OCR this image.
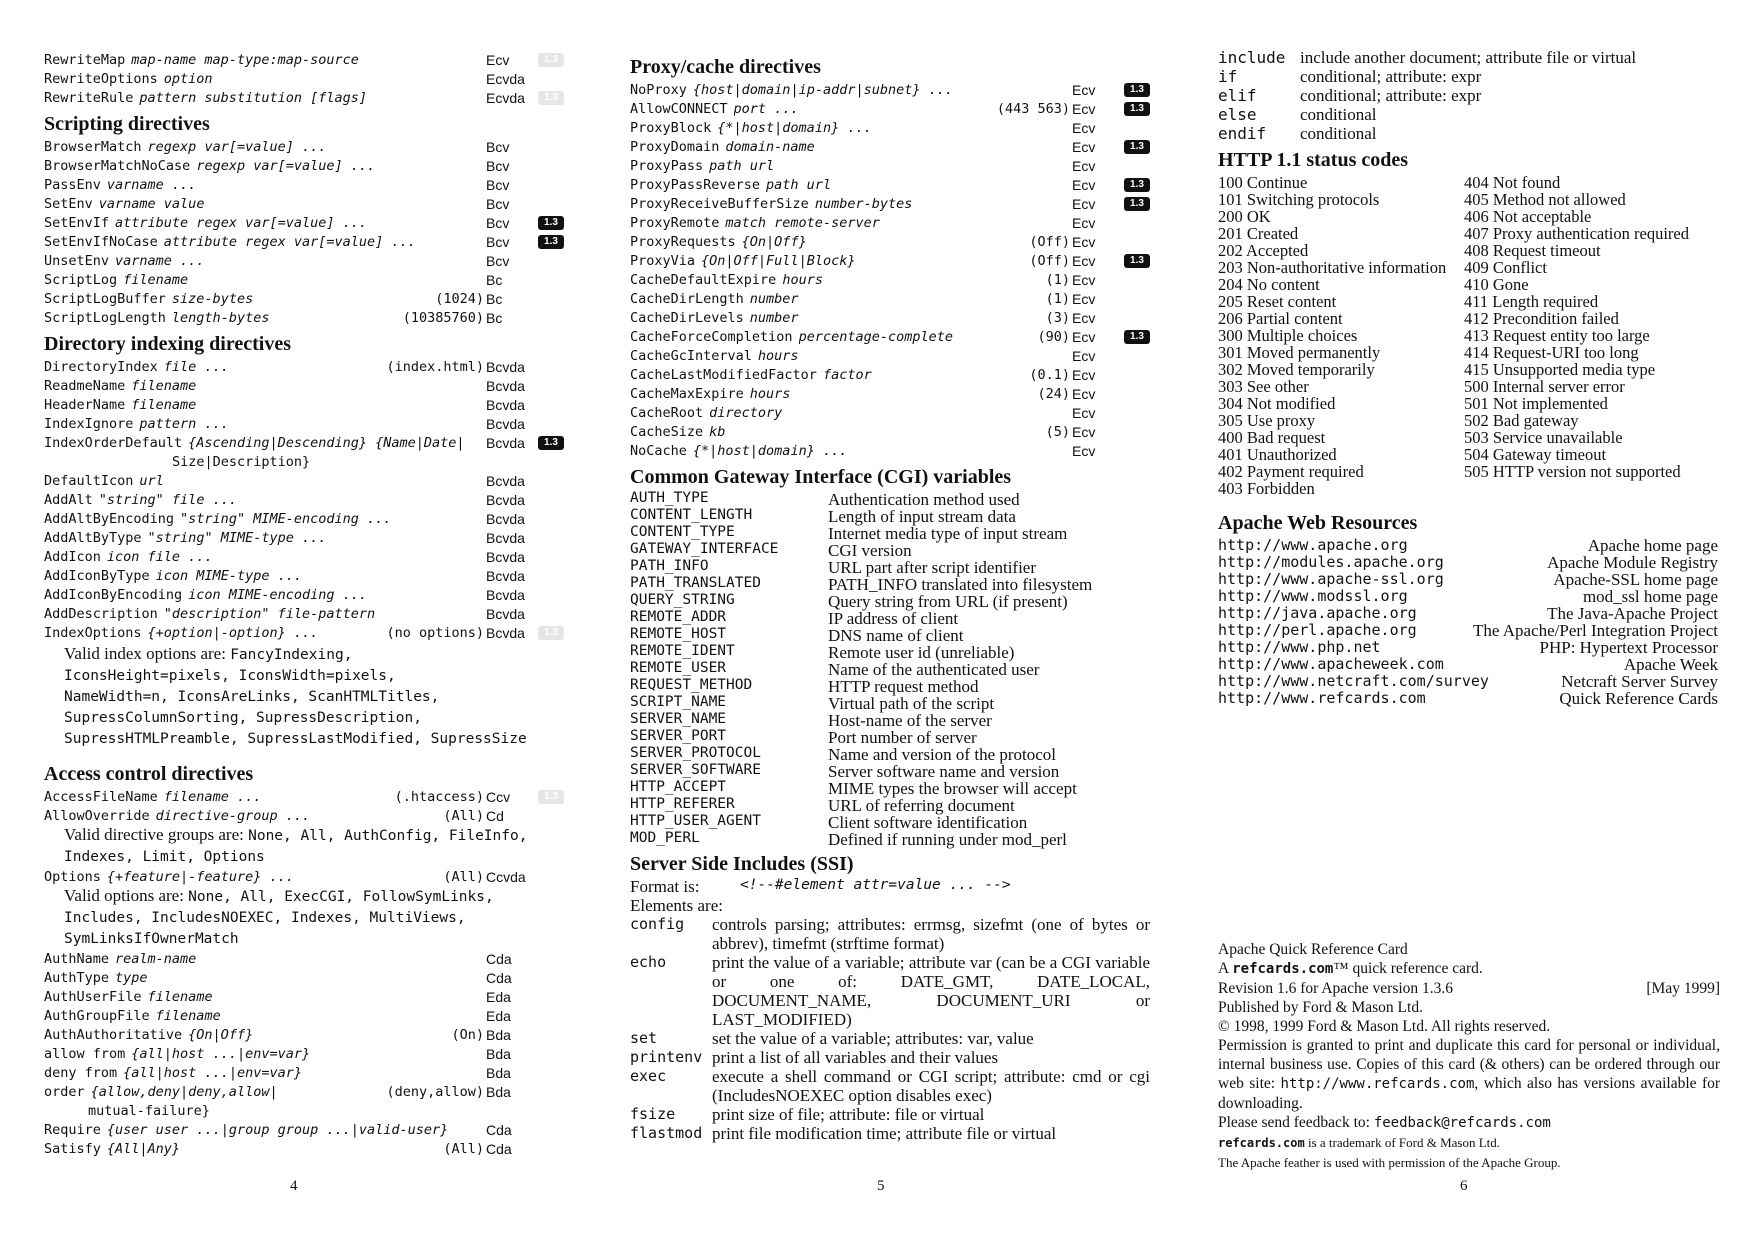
RewriteMap map-name map-type:map-source	Ecv	1.3
RewriteOptions option	Ecvda
RewriteRule pattern substitution [flags]	Ecvda	1.3
Scripting directives
BrowserMatch regexp var[=value] ...	Bcv
BrowserMatchNoCase regexp var[=value] ...	Bcv
PassEnv varname ...	Bcv
SetEnv varname value	Bcv
SetEnvIf attribute regex var[=value] ...	Bcv	1.3
SetEnvIfNoCase attribute regex var[=value] ...	Bcv	1.3
UnsetEnv varname ...	Bcv
ScriptLog filename	Bc
ScriptLogBuffer size-bytes	(1024) Bc
ScriptLogLength length-bytes	(10385760) Bc
Directory indexing directives
DirectoryIndex file ...	(index.html) Bcvda
ReadmeName filename	Bcvda
HeaderName filename	Bcvda
IndexIgnore pattern ...	Bcvda
IndexOrderDefault {Ascending|Descending} {Name|Date| Bcvda	1.3
Size|Description}
DefaultIcon url	Bcvda
AddAlt "string" file ...	Bcvda
AddAltByEncoding "string" MIME-encoding ...	Bcvda
AddAltByType "string" MIME-type ...	Bcvda
AddIcon icon file ...	Bcvda
AddIconByType icon MIME-type ...	Bcvda
AddIconByEncoding icon MIME-encoding ...	Bcvda
AddDescription "description" file-pattern	Bcvda
IndexOptions {+option|-option} ...	(no options) Bcvda	1.3
Valid index options are: FancyIndexing,
IconsHeight=pixels, IconsWidth=pixels,
NameWidth=n, IconsAreLinks, ScanHTMLTitles,
SupressColumnSorting, SupressDescription,
SupressHTMLPreamble, SupressLastModified, SupressSize
Access control directives
AccessFileName filename ...	(.htaccess) Ccv	1.3
AllowOverride directive-group ...	(All) Cd
Valid directive groups are: None, All, AuthConfig, FileInfo,
Indexes, Limit, Options
Options {+feature|-feature} ...	(All) Ccvda
Valid options are: None, All, ExecCGI, FollowSymLinks,
Includes, IncludesNOEXEC, Indexes, MultiViews,
SymLinksIfOwnerMatch
AuthName realm-name	Cda
AuthType type	Cda
AuthUserFile filename	Eda
AuthGroupFile filename	Eda
AuthAuthoritative {On|Off}	(On) Bda
allow from {all|host ...|env=var}	Bda
deny from {all|host ...|env=var}	Bda
order {allow,deny|deny,allow|	(deny,allow) Bda
mutual-failure}
Require {user user ...|group group ...|valid-user}	Cda
Satisfy {All|Any}	(All) Cda
4
Proxy/cache directives
NoProxy {host|domain|ip-addr|subnet} ...	Ecv	1.3
AllowCONNECT port ...	(443 563) Ecv	1.3
ProxyBlock {*|host|domain} ...	Ecv
ProxyDomain domain-name	Ecv	1.3
ProxyPass path url	Ecv
ProxyPassReverse path url	Ecv	1.3
ProxyReceiveBufferSize number-bytes	Ecv	1.3
ProxyRemote match remote-server	Ecv
ProxyRequests {On|Off}	(Off) Ecv
ProxyVia {On|Off|Full|Block}	(Off) Ecv	1.3
CacheDefaultExpire hours	(1) Ecv
CacheDirLength number	(1) Ecv
CacheDirLevels number	(3) Ecv
CacheForceCompletion percentage-complete	(90) Ecv	1.3
CacheGcInterval hours	Ecv
CacheLastModifiedFactor factor	(0.1) Ecv
CacheMaxExpire hours	(24) Ecv
CacheRoot directory	Ecv
CacheSize kb	(5) Ecv
NoCache {*|host|domain} ...	Ecv
Common Gateway Interface (CGI) variables
AUTH_TYPE	Authentication method used
CONTENT_LENGTH	Length of input stream data
CONTENT_TYPE	Internet media type of input stream
GATEWAY_INTERFACE	CGI version
PATH_INFO	URL part after script identifier
PATH_TRANSLATED	PATH_INFO translated into filesystem
QUERY_STRING	Query string from URL (if present)
REMOTE_ADDR	IP address of client
REMOTE_HOST	DNS name of client
REMOTE_IDENT	Remote user id (unreliable)
REMOTE_USER	Name of the authenticated user
REQUEST_METHOD	HTTP request method
SCRIPT_NAME	Virtual path of the script
SERVER_NAME	Host-name of the server
SERVER_PORT	Port number of server
SERVER_PROTOCOL	Name and version of the protocol
SERVER_SOFTWARE	Server software name and version
HTTP_ACCEPT	MIME types the browser will accept
HTTP_REFERER	URL of referring document
HTTP_USER_AGENT	Client software identification
MOD_PERL	Defined if running under mod_perl
Server Side Includes (SSI)
Format is:	<!--#element attr=value ... -->
Elements are:
config	controls parsing; attributes: errmsg, sizefmt (one of bytes or abbrev), timefmt (strftime format)
echo	print the value of a variable; attribute var (can be a CGI variable or one of: DATE_GMT, DATE_LOCAL, DOCUMENT_NAME, DOCUMENT_URI or LAST_MODIFIED)
set	set the value of a variable; attributes: var, value
printenv print a list of all variables and their values
exec	execute a shell command or CGI script; attribute: cmd or cgi (IncludesNOEXEC option disables exec)
fsize	print size of file; attribute: file or virtual
flastmod print file modification time; attribute file or virtual
5
include include another document; attribute file or virtual
if	conditional; attribute: expr
elif	conditional; attribute: expr
else	conditional
endif	conditional
HTTP 1.1 status codes
100 Continue
101 Switching protocols
200 OK
201 Created
202 Accepted
203 Non-authoritative information
204 No content
205 Reset content
206 Partial content
300 Multiple choices
301 Moved permanently
302 Moved temporarily
303 See other
304 Not modified
305 Use proxy
400 Bad request
401 Unauthorized
402 Payment required
403 Forbidden
404 Not found
405 Method not allowed
406 Not acceptable
407 Proxy authentication required
408 Request timeout
409 Conflict
410 Gone
411 Length required
412 Precondition failed
413 Request entity too large
414 Request-URI too long
415 Unsupported media type
500 Internal server error
501 Not implemented
502 Bad gateway
503 Service unavailable
504 Gateway timeout
505 HTTP version not supported
Apache Web Resources
http://www.apache.org	Apache home page
http://modules.apache.org	Apache Module Registry
http://www.apache-ssl.org	Apache-SSL home page
http://www.modssl.org	mod_ssl home page
http://java.apache.org	The Java-Apache Project
http://perl.apache.org	The Apache/Perl Integration Project
http://www.php.net	PHP: Hypertext Processor
http://www.apacheweek.com	Apache Week
http://www.netcraft.com/survey	Netcraft Server Survey
http://www.refcards.com	Quick Reference Cards
Apache Quick Reference Card
A refcards.com™ quick reference card.
Revision 1.6 for Apache version 1.3.6	[May 1999]
Published by Ford & Mason Ltd.
© 1998, 1999 Ford & Mason Ltd. All rights reserved.
Permission is granted to print and duplicate this card for personal or individual, internal business use. Copies of this card (& others) can be ordered through our web site: http://www.refcards.com, which also has versions available for downloading.
Please send feedback to: feedback@refcards.com
refcards.com is a trademark of Ford & Mason Ltd.
The Apache feather is used with permission of the Apache Group.
6
